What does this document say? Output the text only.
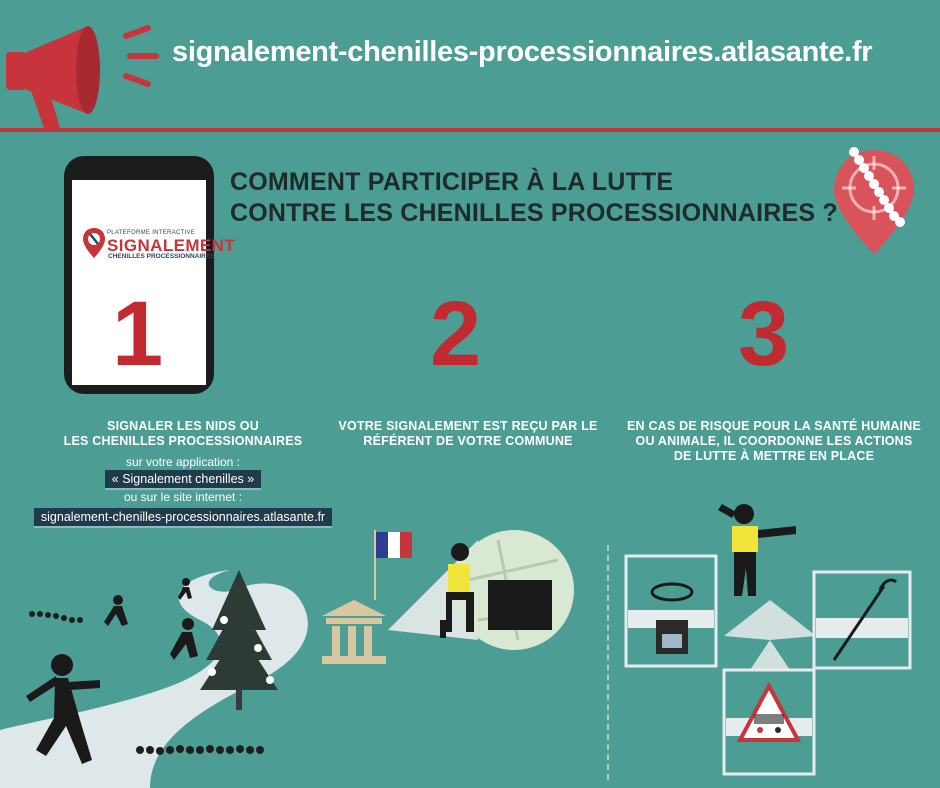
signalement-chenilles-processionnaires.atlasante.fr
COMMENT PARTICIPER À LA LUTTE
CONTRE LES CHENILLES PROCESSIONNAIRES ?
PLATEFORME INTERACTIVE
SIGNALEMENT
CHENILLES PROCESSIONNAIRES
1	2	3
SIGNALER LES NIDS OU
LES CHENILLES PROCESSIONNAIRES
sur votre application :
« Signalement chenilles »
ou sur le site internet :
signalement-chenilles-processionnaires.atlasante.fr
VOTRE SIGNALEMENT EST REÇU PAR LE
RÉFÉRENT DE VOTRE COMMUNE
EN CAS DE RISQUE POUR LA SANTÉ HUMAINE
OU ANIMALE, IL COORDONNE LES ACTIONS
DE LUTTE À METTRE EN PLACE
